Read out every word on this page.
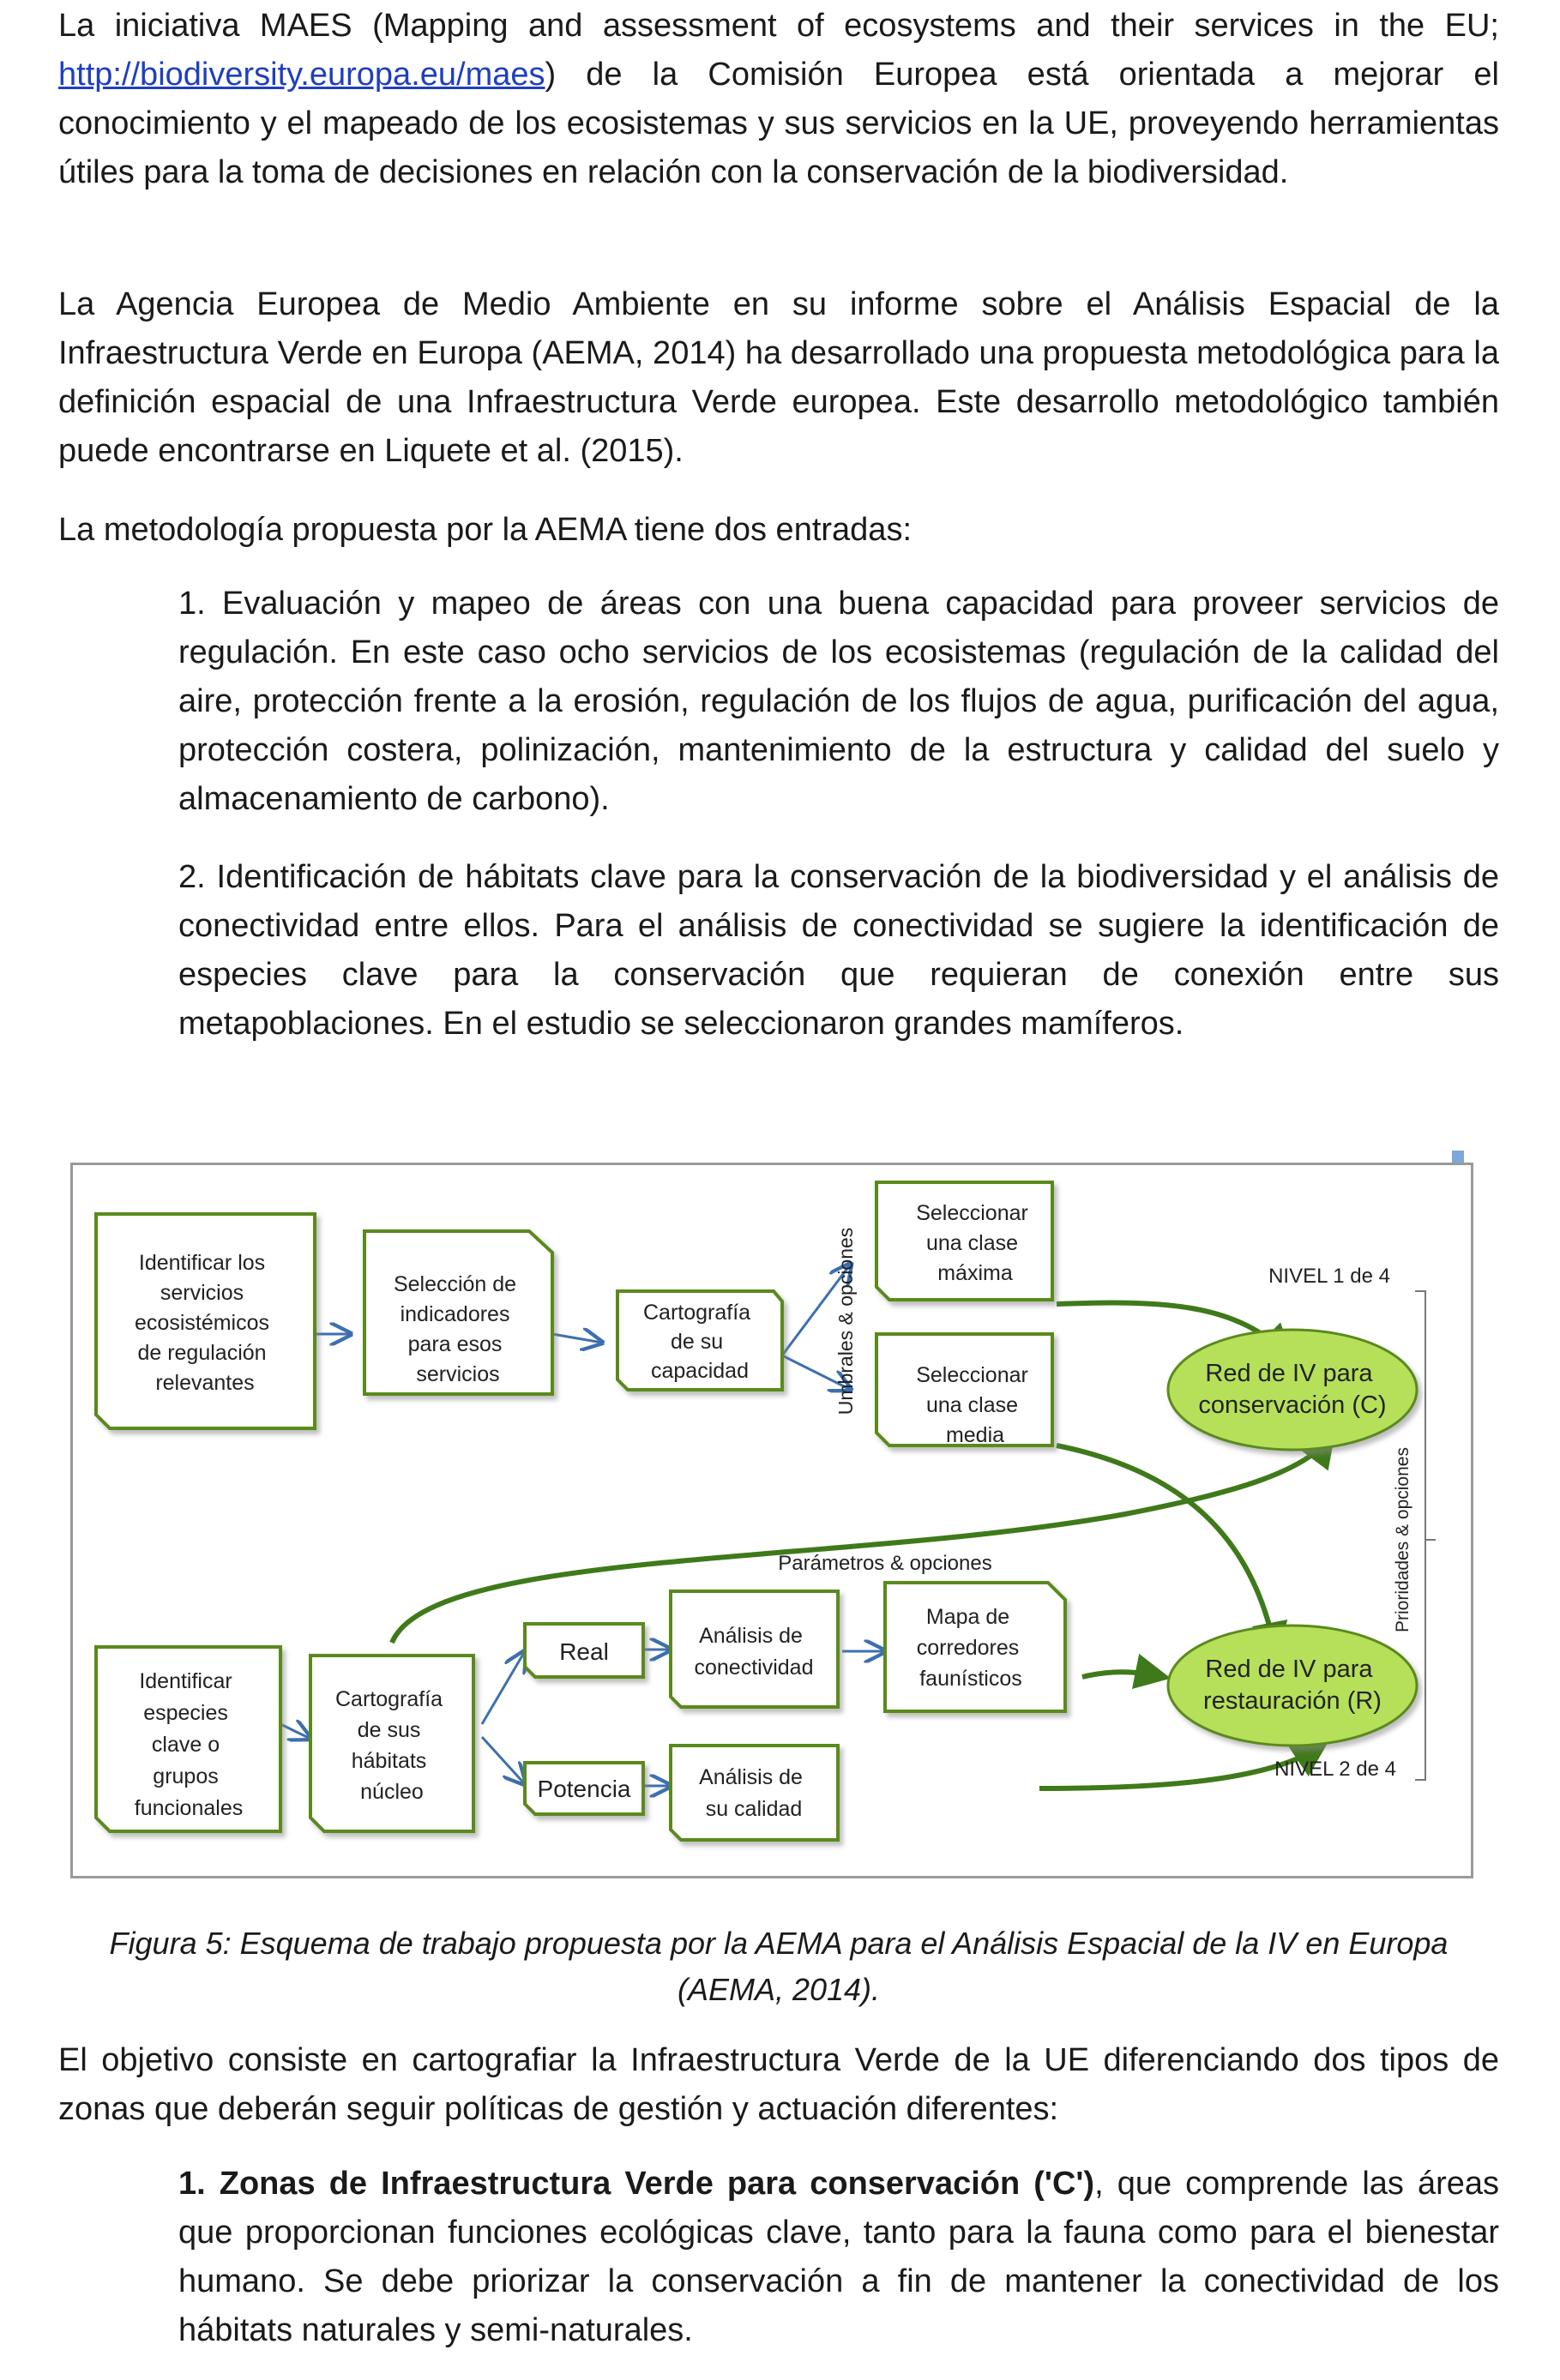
La iniciativa MAES (Mapping and assessment of ecosystems and their services in the EU; http://biodiversity.europa.eu/maes) de la Comisión Europea está orientada a mejorar el conocimiento y el mapeado de los ecosistemas y sus servicios en la UE, proveyendo herramientas útiles para la toma de decisiones en relación con la conservación de la biodiversidad.

La Agencia Europea de Medio Ambiente en su informe sobre el Análisis Espacial de la Infraestructura Verde en Europa (AEMA, 2014) ha desarrollado una propuesta metodológica para la definición espacial de una Infraestructura Verde europea. Este desarrollo metodológico también puede encontrarse en Liquete et al. (2015).

La metodología propuesta por la AEMA tiene dos entradas:

1. Evaluación y mapeo de áreas con una buena capacidad para proveer servicios de regulación. En este caso ocho servicios de los ecosistemas (regulación de la calidad del aire, protección frente a la erosión, regulación de los flujos de agua, purificación del agua, protección costera, polinización, mantenimiento de la estructura y calidad del suelo y almacenamiento de carbono).

2. Identificación de hábitats clave para la conservación de la biodiversidad y el análisis de conectividad entre ellos. Para el análisis de conectividad se sugiere la identificación de especies clave para la conservación que requieran de conexión entre sus metapoblaciones. En el estudio se seleccionaron grandes mamíferos.

Identificar los servicios ecosistémicos de regulación relevantes
Selección de indicadores para esos servicios
Cartografía de su capacidad
Seleccionar una clase máxima
Seleccionar una clase media
Umbrales & opciones	Red de IV para conservación (C)
NIVEL 1 de 4
Prioridades & opciones
Parámetros & opciones
Identificar especies clave o grupos funcionales
Cartografía de sus hábitats núcleo
Real
Potencia
Análisis de conectividad
Análisis de su calidad
Mapa de corredores faunísticos	Red de IV para restauración (R)
NIVEL 2 de 4

Figura 5: Esquema de trabajo propuesta por la AEMA para el Análisis Espacial de la IV en Europa (AEMA, 2014).

El objetivo consiste en cartografiar la Infraestructura Verde de la UE diferenciando dos tipos de zonas que deberán seguir políticas de gestión y actuación diferentes:

1. Zonas de Infraestructura Verde para conservación ('C'), que comprende las áreas que proporcionan funciones ecológicas clave, tanto para la fauna como para el bienestar humano. Se debe priorizar la conservación a fin de mantener la conectividad de los hábitats naturales y semi-naturales.
